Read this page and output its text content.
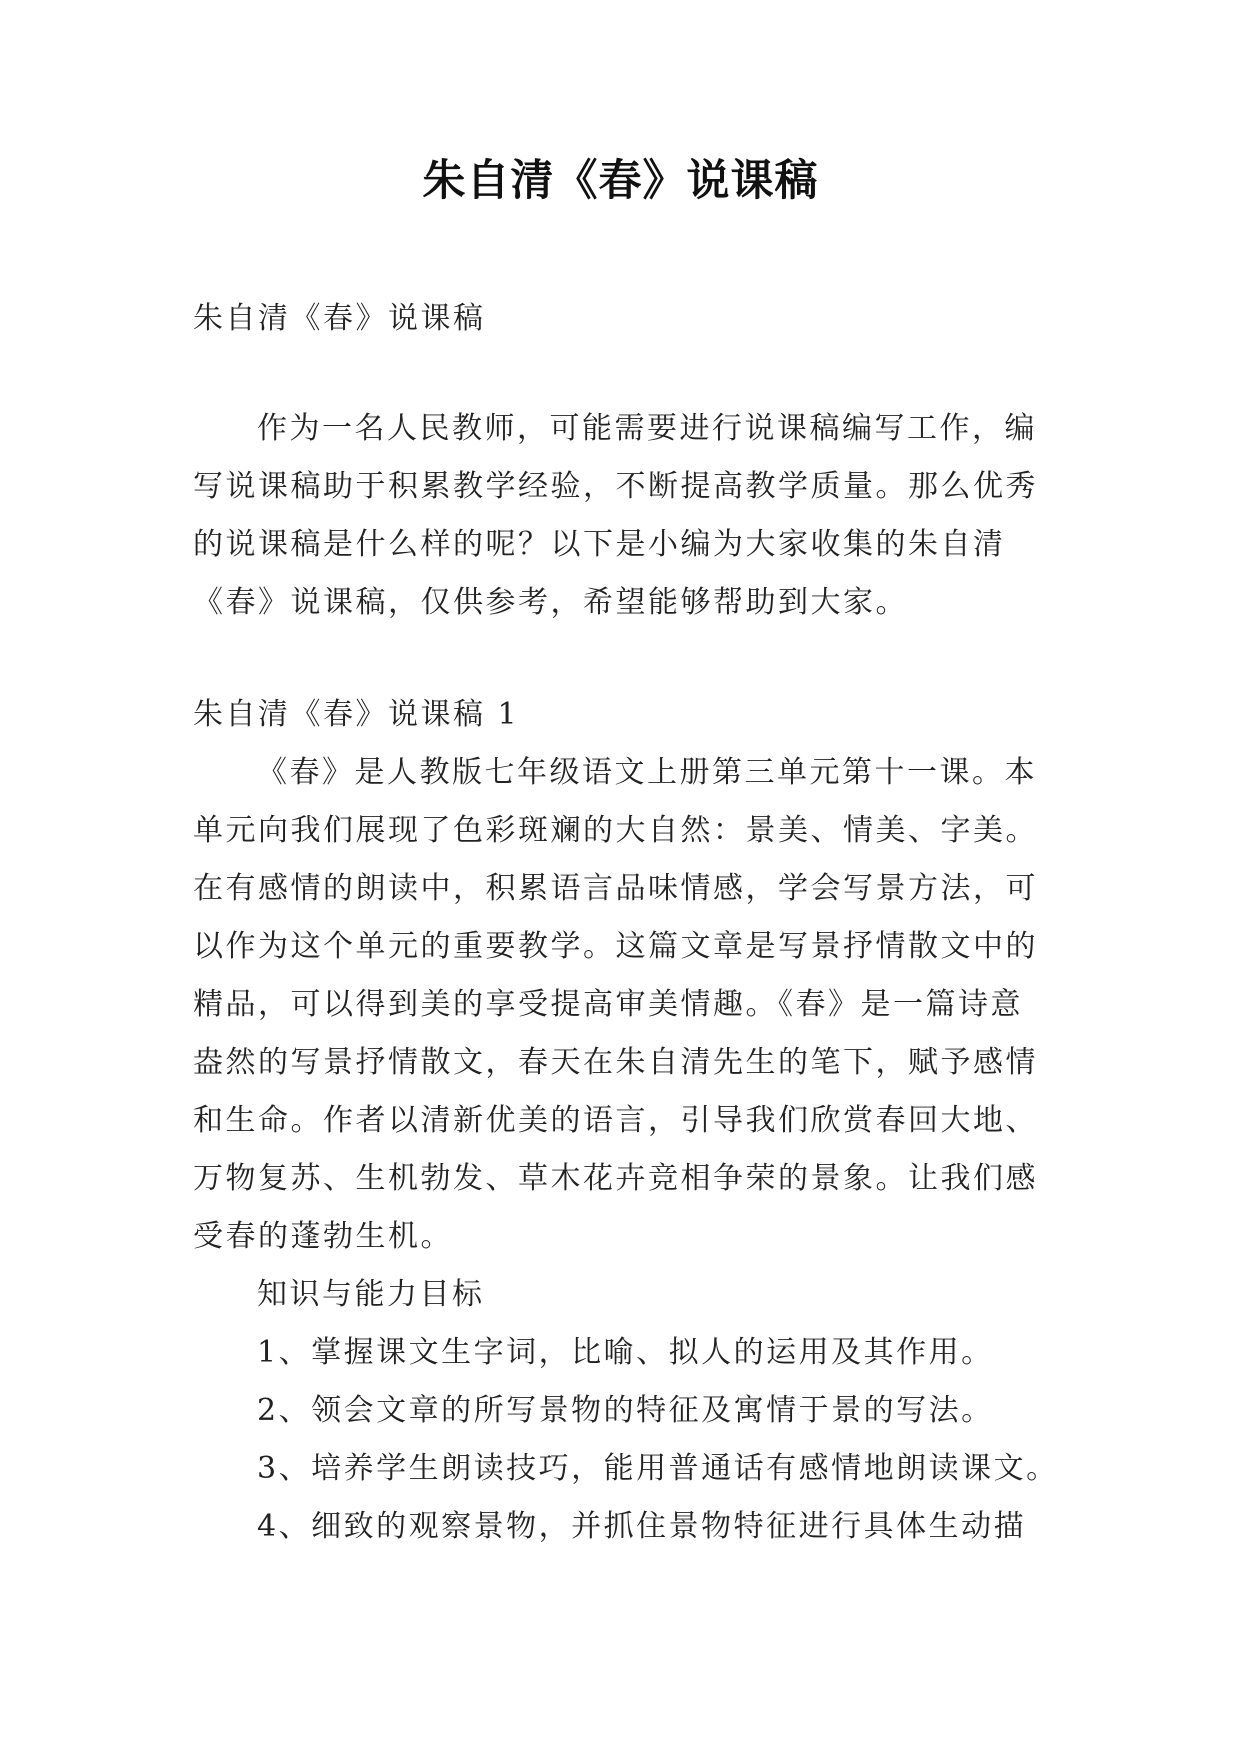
朱自清《春》说课稿
朱自清《春》说课稿
作为一名人民教师，可能需要进行说课稿编写工作，编
写说课稿助于积累教学经验，不断提高教学质量。那么优秀
的说课稿是什么样的呢？以下是小编为大家收集的朱自清
《春》说课稿，仅供参考，希望能够帮助到大家。
朱自清《春》说课稿 1
《春》是人教版七年级语文上册第三单元第十一课。本
单元向我们展现了色彩斑斓的大自然：景美、情美、字美。
在有感情的朗读中，积累语言品味情感，学会写景方法，可
以作为这个单元的重要教学。这篇文章是写景抒情散文中的
精品，可以得到美的享受提高审美情趣。《春》是一篇诗意
盎然的写景抒情散文，春天在朱自清先生的笔下，赋予感情
和生命。作者以清新优美的语言，引导我们欣赏春回大地、
万物复苏、生机勃发、草木花卉竞相争荣的景象。让我们感
受春的蓬勃生机。
知识与能力目标
1、掌握课文生字词，比喻、拟人的运用及其作用。
2、领会文章的所写景物的特征及寓情于景的写法。
3、培养学生朗读技巧，能用普通话有感情地朗读课文。
4、细致的观察景物，并抓住景物特征进行具体生动描
